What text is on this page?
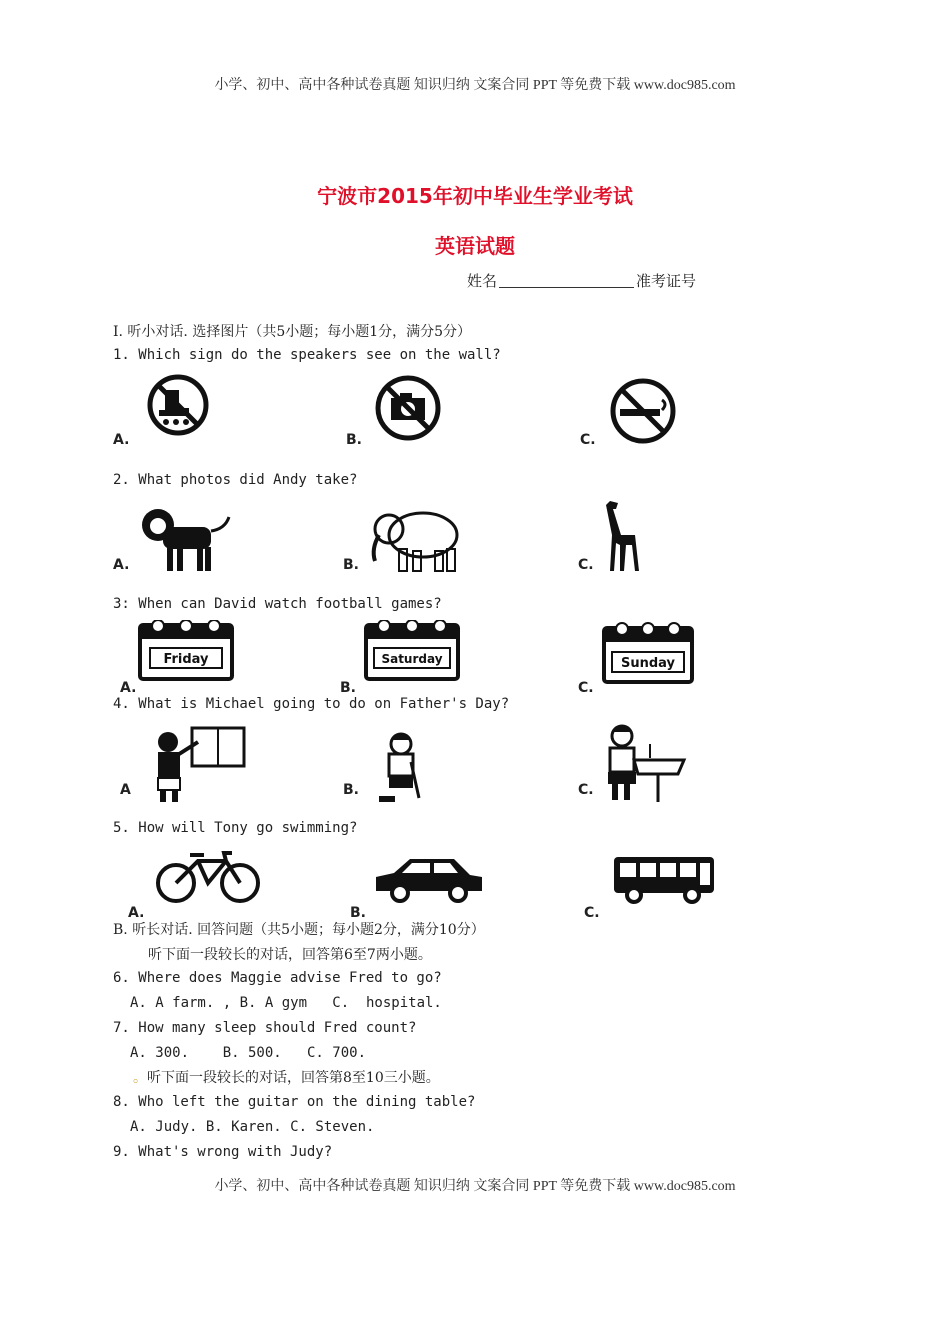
小学、初中、高中各种试卷真题 知识归纳 文案合同 PPT 等免费下载 www.doc985.com
宁波市2015年初中毕业生学业考试
英语试题
姓名	准考证号
I. 听小对话. 选择图片（共5小题；每小题1分，满分5分）
1. Which sign do the speakers see on the wall?
A.	B.	C.
2. What photos did Andy take?
A.	B.	C.
3: When can David watch football games?
Friday
A.
Saturday
B.
Sunday
C.
4. What is Michael going to do on Father's Day?
A	B.	C.
5. How will Tony go swimming?
A.	B.	C.
B. 听长对话. 回答问题（共5小题；每小题2分，满分10分）
听下面一段较长的对话，回答第6至7两小题。
6. Where does Maggie advise Fred to go?
A. A farm. , B. A gym   C.  hospital.
7. How many sleep should Fred count?
A. 300.    B. 500.   C. 700.
。听下面一段较长的对话，回答第8至10三小题。
8. Who left the guitar on the dining table?
A. Judy. B. Karen. C. Steven.
9. What's wrong with Judy?
小学、初中、高中各种试卷真题 知识归纳 文案合同 PPT 等免费下载 www.doc985.com
